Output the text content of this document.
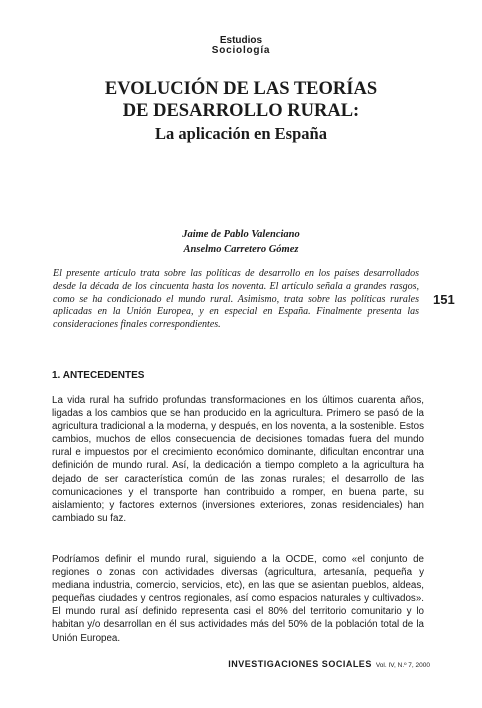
Estudios
Sociología
EVOLUCIÓN DE LAS TEORÍAS
DE DESARROLLO RURAL:
La aplicación en España
Jaime de Pablo Valenciano
Anselmo Carretero Gómez
El presente artículo trata sobre las políticas de desarrollo en los países desarrollados desde la década de los cincuenta hasta los noventa. El artículo señala a grandes rasgos, como se ha condicionado el mundo rural. Asimismo, trata sobre las políticas rurales aplicadas en la Unión Europea, y en especial en España. Finalmente presenta las consideraciones finales correspondientes.
151
1. ANTECEDENTES

La vida rural ha sufrido profundas transformaciones en los últimos cuarenta años, ligadas a los cambios que se han producido en la agricultura. Primero se pasó de la agricultura tradicional a la moderna, y después, en los noventa, a la sostenible. Estos cambios, muchos de ellos consecuencia de decisiones tomadas fuera del mundo rural e impuestos por el crecimiento económico dominante, dificultan encontrar una definición de mundo rural. Así, la dedicación a tiempo completo a la agricultura ha dejado de ser característica común de las zonas rurales; el desarrollo de las comunicaciones y el transporte han contribuido a romper, en buena parte, su aislamiento; y factores externos (inversiones exteriores, zonas residenciales) han cambiado su faz.

Podríamos definir el mundo rural, siguiendo a la OCDE, como «el conjunto de regiones o zonas con actividades diversas (agricultura, artesanía, pequeña y mediana industria, comercio, servicios, etc), en las que se asientan pueblos, aldeas, pequeñas ciudades y centros regionales, así como espacios naturales y cultivados». El mundo rural así definido representa casi el 80% del territorio comunitario y lo habitan y/o desarrollan en él sus actividades más del 50% de la población total de la Unión Europea.

INVESTIGACIONES SOCIALES Vol. IV, N.º 7, 2000
